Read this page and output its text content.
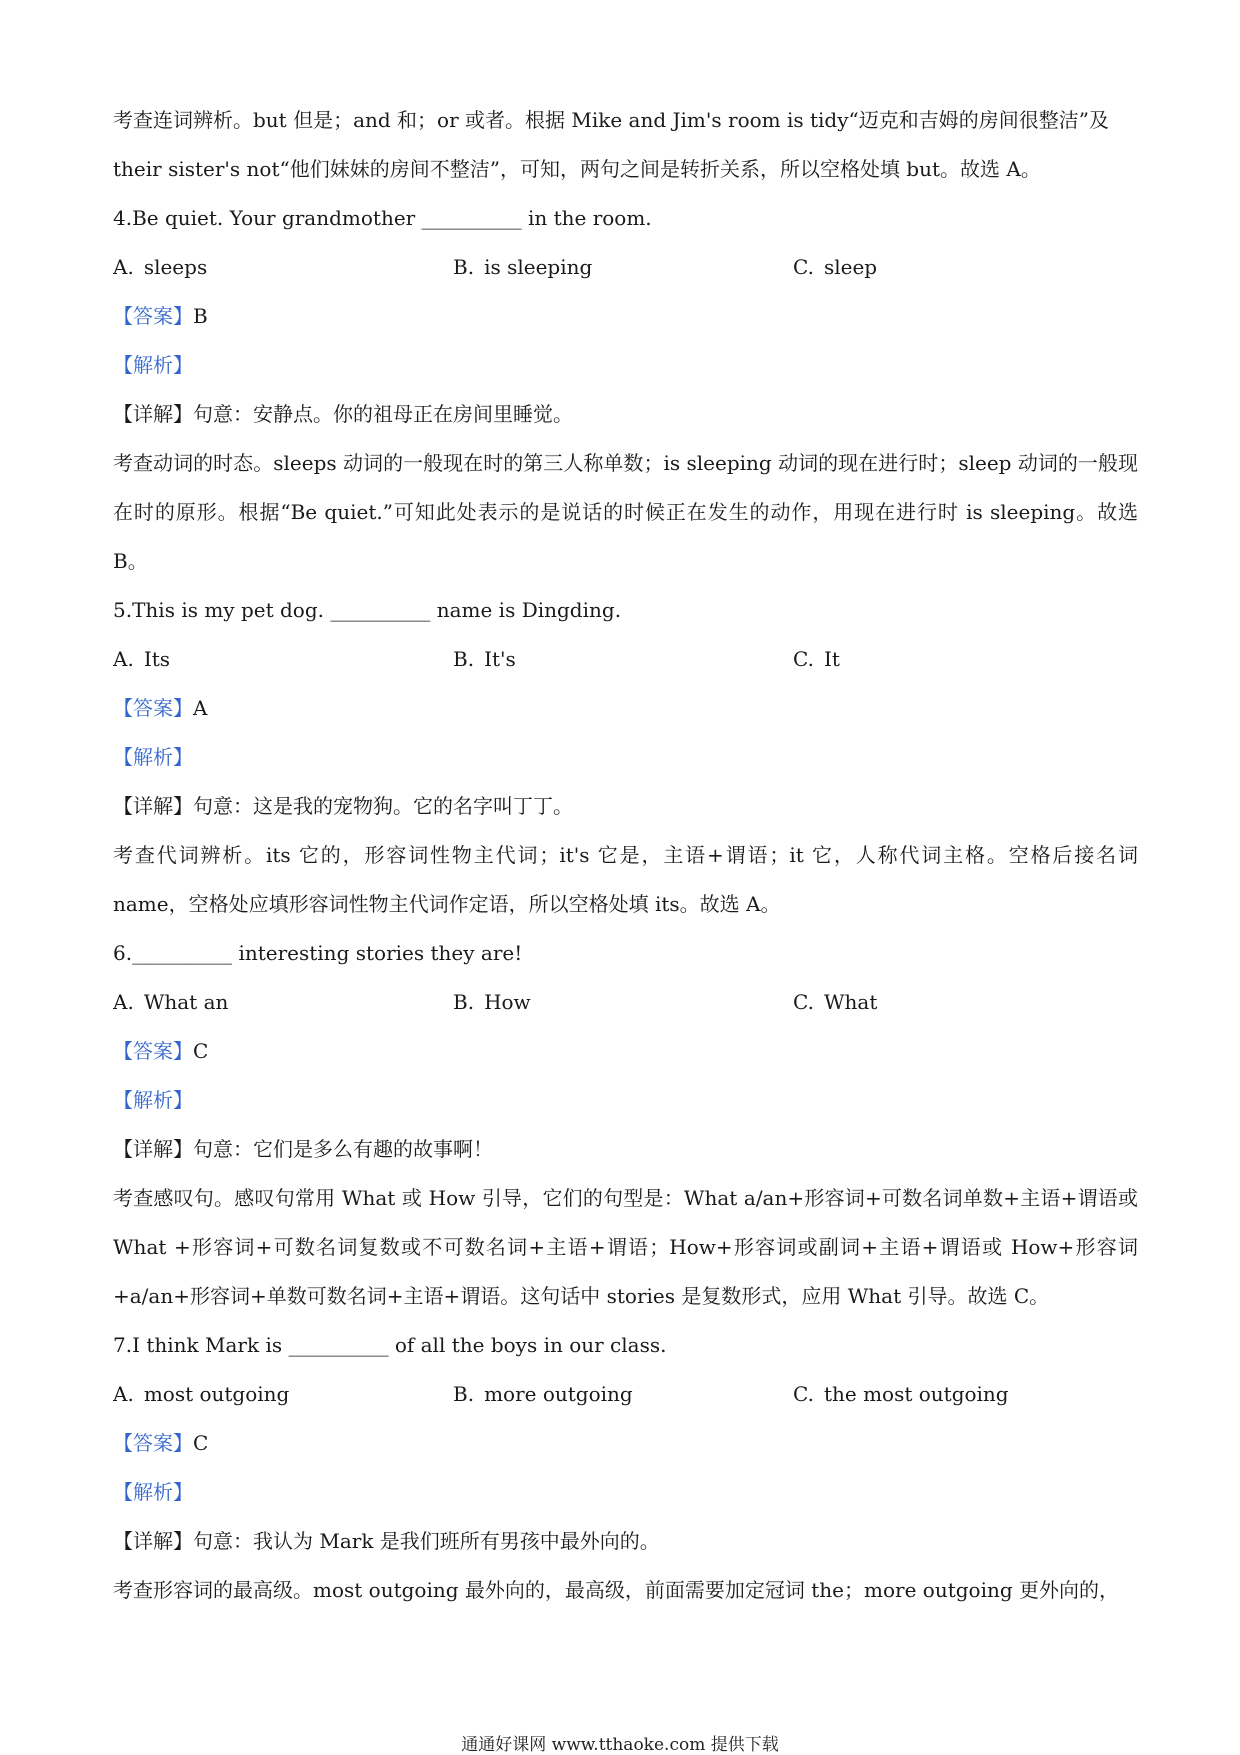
考查连词辨析。but 但是；and 和；or 或者。根据 Mike and Jim's room is tidy“迈克和吉姆的房间很整洁”及
their sister's not“他们妹妹的房间不整洁”，可知，两句之间是转折关系，所以空格处填 but。故选 A。
4.Be quiet. Your grandmother __________ in the room.
A. sleeps	B. is sleeping	C. sleep
【答案】B
【解析】
【详解】句意：安静点。你的祖母正在房间里睡觉。
考查动词的时态。sleeps 动词的一般现在时的第三人称单数；is sleeping 动词的现在进行时；sleep 动词的一般现在时的原形。根据“Be quiet.”可知此处表示的是说话的时候正在发生的动作，用现在进行时 is sleeping。故选 B。
5.This is my pet dog. __________ name is Dingding.
A. Its	B. It's	C. It
【答案】A
【解析】
【详解】句意：这是我的宠物狗。它的名字叫丁丁。
考查代词辨析。its 它的，形容词性物主代词；it's 它是，主语+谓语；it 它，人称代词主格。空格后接名词 name，空格处应填形容词性物主代词作定语，所以空格处填 its。故选 A。
6.__________ interesting stories they are!
A. What an	B. How	C. What
【答案】C
【解析】
【详解】句意：它们是多么有趣的故事啊！
考查感叹句。感叹句常用 What 或 How 引导，它们的句型是：What a/an+形容词+可数名词单数+主语+谓语或 What +形容词+可数名词复数或不可数名词+主语+谓语；How+形容词或副词+主语+谓语或 How+形容词+a/an+形容词+单数可数名词+主语+谓语。这句话中 stories 是复数形式，应用 What 引导。故选 C。
7.I think Mark is __________ of all the boys in our class.
A. most outgoing	B. more outgoing	C. the most outgoing
【答案】C
【解析】
【详解】句意：我认为 Mark 是我们班所有男孩中最外向的。
考查形容词的最高级。most outgoing 最外向的，最高级，前面需要加定冠词 the；more outgoing 更外向的，
通通好课网 www.tthaoke.com 提供下载
